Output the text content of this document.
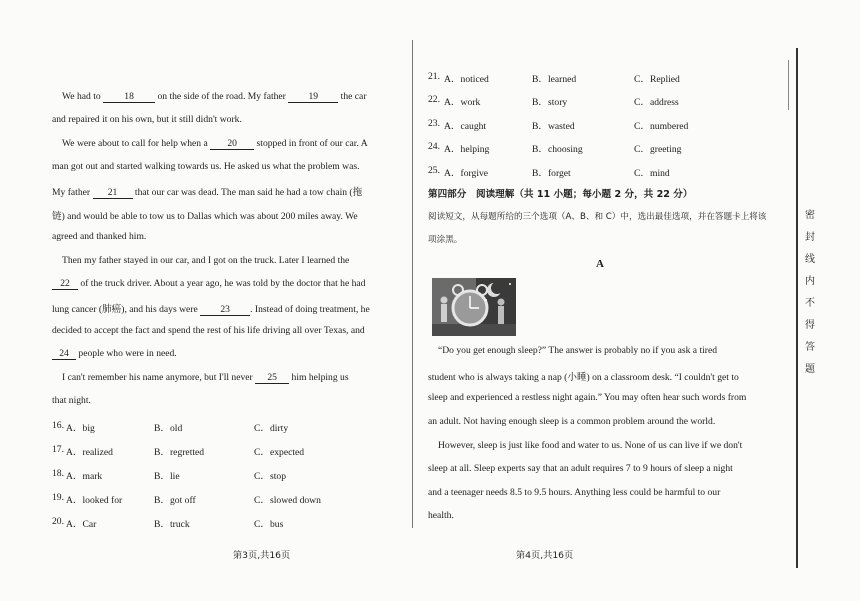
We had to 18 on the side of the road. My father 19 the car
and repaired it on his own, but it still didn't work.
We were about to call for help when a 20 stopped in front of our car. A
man got out and started walking towards us. He asked us what the problem was.
My father 21 that our car was dead. The man said he had a tow chain (拖
链) and would be able to tow us to Dallas which was about 200 miles away. We
agreed and thanked him.
Then my father stayed in our car, and I got on the truck. Later I learned the
22 of the truck driver. About a year ago, he was told by the doctor that he had
lung cancer (肺癌), and his days were 23 . Instead of doing treatment, he
decided to accept the fact and spend the rest of his life driving all over Texas, and
24 people who were in need.
I can't remember his name anymore, but I'll never 25 him helping us
that night.
16. A．big	B．old	C．dirty
17. A．realized	B．regretted	C．expected
18. A．mark	B．lie	C．stop
19. A．looked for	B．got off	C．slowed down
20. A．Car	B．truck	C．bus
第3页,共16页
21. A．noticed	B．learned	C．Replied
22. A．work	B．story	C．address
23. A．caught	B．wasted	C．numbered
24. A．helping	B．choosing	C．greeting
25. A．forgive	B．forget	C．mind
第四部分　阅读理解（共 11 小题；每小题 2 分，共 22 分）
阅读短文，从每题所给的三个选项（A、B、和 C）中，选出最佳选项，并在答题卡上将该
项涂黑。
A
“Do you get enough sleep?” The answer is probably no if you ask a tired
student who is always taking a nap (小睡) on a classroom desk. “I couldn't get to
sleep and experienced a restless night again.” You may often hear such words from
an adult. Not having enough sleep is a common problem around the world.
However, sleep is just like food and water to us. None of us can live if we don't
sleep at all. Sleep experts say that an adult requires 7 to 9 hours of sleep a night
and a teenager needs 8.5 to 9.5 hours. Anything less could be harmful to our
health.
第4页,共16页
密封线内不得答题
